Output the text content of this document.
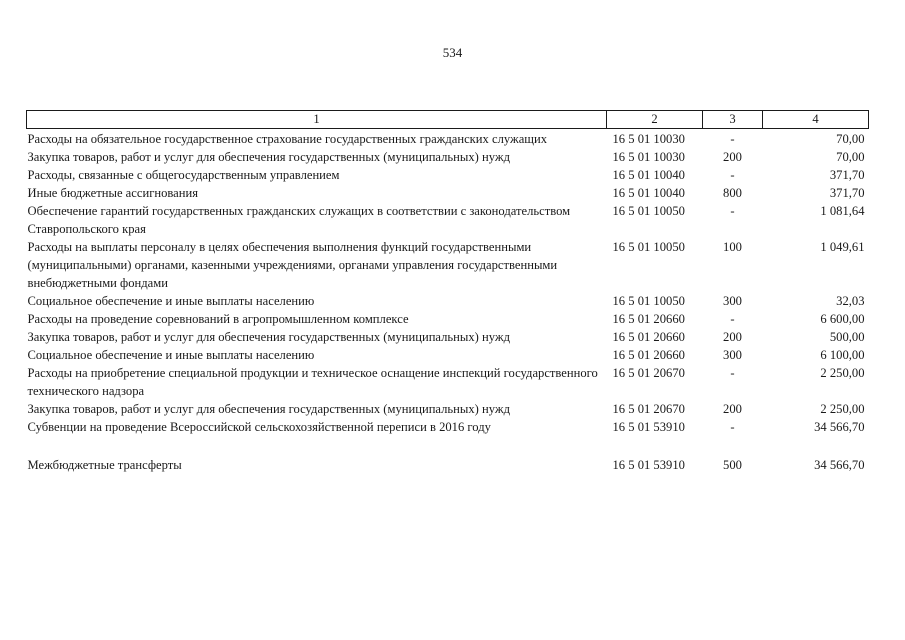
534
1	2	3	4
Расходы на обязательное государственное страхование государственных гражданских служащих	16 5 01 10030	-	70,00
Закупка товаров, работ и услуг для обеспечения государственных (муниципальных) нужд	16 5 01 10030	200	70,00
Расходы, связанные с общегосударственным управлением	16 5 01 10040	-	371,70
Иные бюджетные ассигнования	16 5 01 10040	800	371,70
Обеспечение гарантий государственных гражданских служащих в соответствии с законодательством Ставропольского края	16 5 01 10050	-	1 081,64
Расходы на выплаты персоналу в целях обеспечения выполнения функций государственными (муниципальными) органами, казенными учреждениями, органами управления государственными внебюджетными фондами	16 5 01 10050	100	1 049,61
Социальное обеспечение и иные выплаты населению	16 5 01 10050	300	32,03
Расходы на проведение соревнований в агропромышленном комплексе	16 5 01 20660	-	6 600,00
Закупка товаров, работ и услуг для обеспечения государственных (муниципальных) нужд	16 5 01 20660	200	500,00
Социальное обеспечение и иные выплаты населению	16 5 01 20660	300	6 100,00
Расходы на приобретение специальной продукции и техническое оснащение инспекций государственного технического надзора	16 5 01 20670	-	2 250,00
Закупка товаров, работ и услуг для обеспечения государственных (муниципальных) нужд	16 5 01 20670	200	2 250,00
Субвенции на проведение Всероссийской сельскохозяйственной переписи в 2016 году	16 5 01 53910	-	34 566,70

Межбюджетные трансферты	16 5 01 53910	500	34 566,70
